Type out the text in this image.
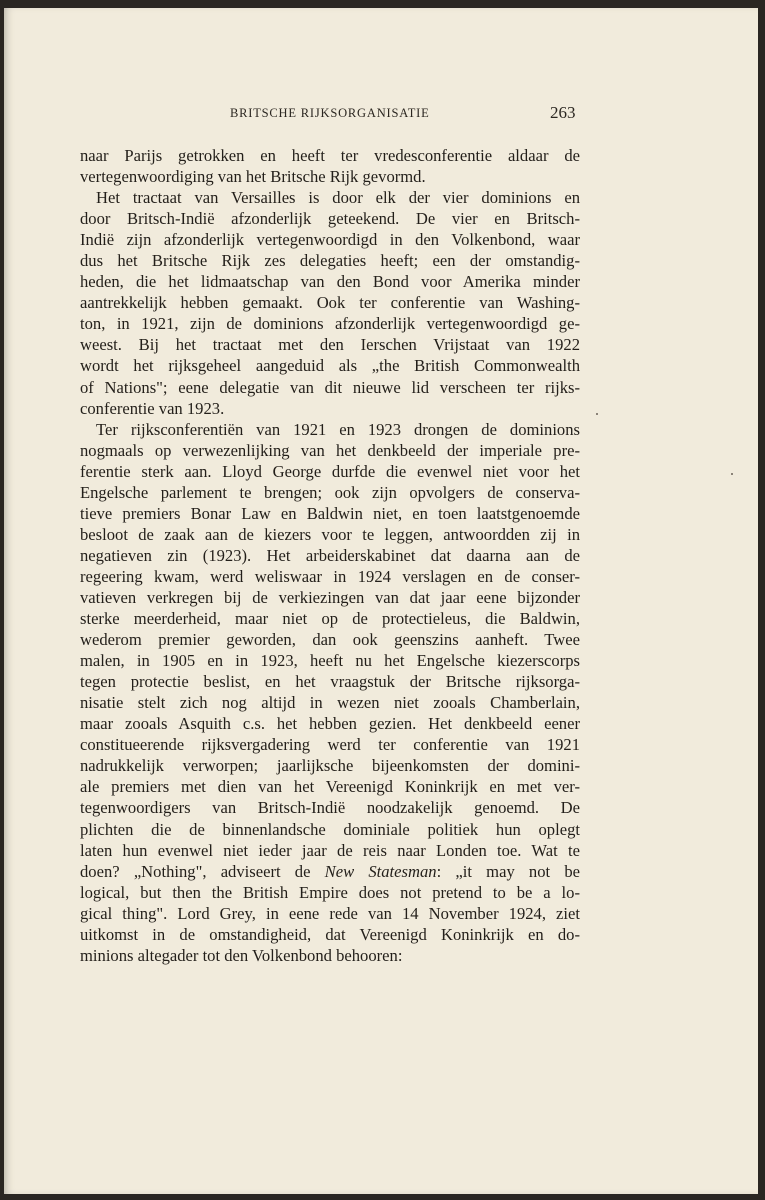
BRITSCHE RIJKSORGANISATIE	263
naar Parijs getrokken en heeft ter vredesconferentie aldaar de
vertegenwoordiging van het Britsche Rijk gevormd.
Het tractaat van Versailles is door elk der vier dominions en
door Britsch-Indië afzonderlijk geteekend. De vier en Britsch-
Indië zijn afzonderlijk vertegenwoordigd in den Volkenbond, waar
dus het Britsche Rijk zes delegaties heeft; een der omstandig-
heden, die het lidmaatschap van den Bond voor Amerika minder
aantrekkelijk hebben gemaakt. Ook ter conferentie van Washing-
ton, in 1921, zijn de dominions afzonderlijk vertegenwoordigd ge-
weest. Bij het tractaat met den Ierschen Vrijstaat van 1922
wordt het rijksgeheel aangeduid als „the British Commonwealth
of Nations"; eene delegatie van dit nieuwe lid verscheen ter rijks-
conferentie van 1923.
Ter rijksconferentiën van 1921 en 1923 drongen de dominions
nogmaals op verwezenlijking van het denkbeeld der imperiale pre-
ferentie sterk aan. Lloyd George durfde die evenwel niet voor het
Engelsche parlement te brengen; ook zijn opvolgers de conserva-
tieve premiers Bonar Law en Baldwin niet, en toen laatstgenoemde
besloot de zaak aan de kiezers voor te leggen, antwoordden zij in
negatieven zin (1923). Het arbeiderskabinet dat daarna aan de
regeering kwam, werd weliswaar in 1924 verslagen en de conser-
vatieven verkregen bij de verkiezingen van dat jaar eene bijzonder
sterke meerderheid, maar niet op de protectieleus, die Baldwin,
wederom premier geworden, dan ook geenszins aanheft. Twee
malen, in 1905 en in 1923, heeft nu het Engelsche kiezerscorps
tegen protectie beslist, en het vraagstuk der Britsche rijksorga-
nisatie stelt zich nog altijd in wezen niet zooals Chamberlain,
maar zooals Asquith c.s. het hebben gezien. Het denkbeeld eener
constitueerende rijksvergadering werd ter conferentie van 1921
nadrukkelijk verworpen; jaarlijksche bijeenkomsten der domini-
ale premiers met dien van het Vereenigd Koninkrijk en met ver-
tegenwoordigers van Britsch-Indië noodzakelijk genoemd. De
plichten die de binnenlandsche dominiale politiek hun oplegt
laten hun evenwel niet ieder jaar de reis naar Londen toe. Wat te
doen? „Nothing", adviseert de New Statesman: „it may not be
logical, but then the British Empire does not pretend to be a lo-
gical thing". Lord Grey, in eene rede van 14 November 1924, ziet
uitkomst in de omstandigheid, dat Vereenigd Koninkrijk en do-
minions altegader tot den Volkenbond behooren:
